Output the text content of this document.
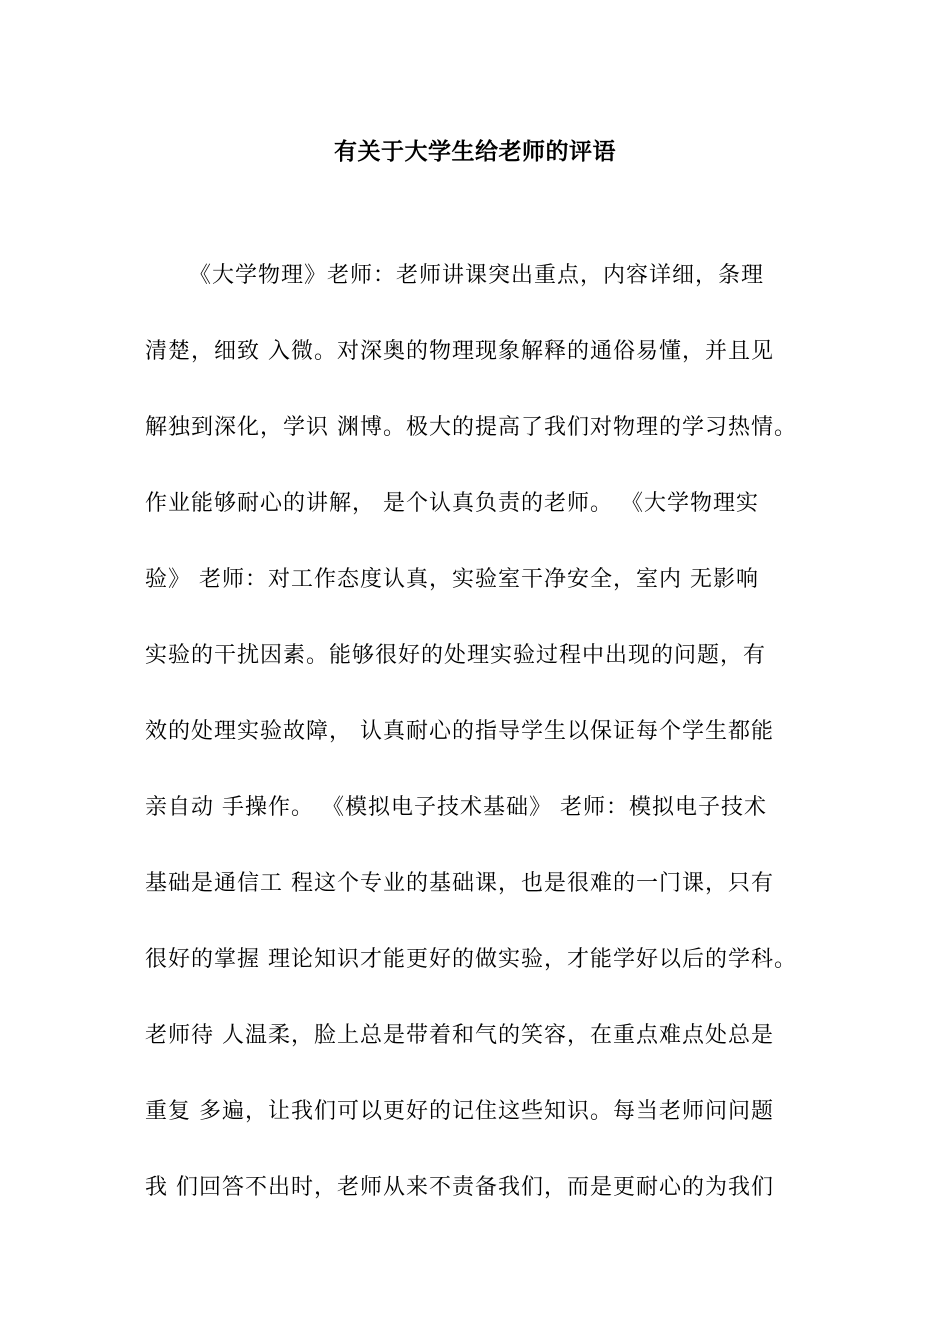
有关于大学生给老师的评语
《大学物理》老师：老师讲课突出重点，内容详细，条理
清楚，细致 入微。对深奥的物理现象解释的通俗易懂，并且见
解独到深化，学识 渊博。极大的提高了我们对物理的学习热情。
作业能够耐心的讲解， 是个认真负责的老师。 《大学物理实
验》 老师：对工作态度认真，实验室干净安全，室内 无影响
实验的干扰因素。能够很好的处理实验过程中出现的问题，有
效的处理实验故障， 认真耐心的指导学生以保证每个学生都能
亲自动 手操作。 《模拟电子技术基础》 老师：模拟电子技术
基础是通信工 程这个专业的基础课，也是很难的一门课，只有
很好的掌握 理论知识才能更好的做实验，才能学好以后的学科。
老师待 人温柔，脸上总是带着和气的笑容，在重点难点处总是
重复 多遍，让我们可以更好的记住这些知识。每当老师问问题
我 们回答不出时，老师从来不责备我们，而是更耐心的为我们
